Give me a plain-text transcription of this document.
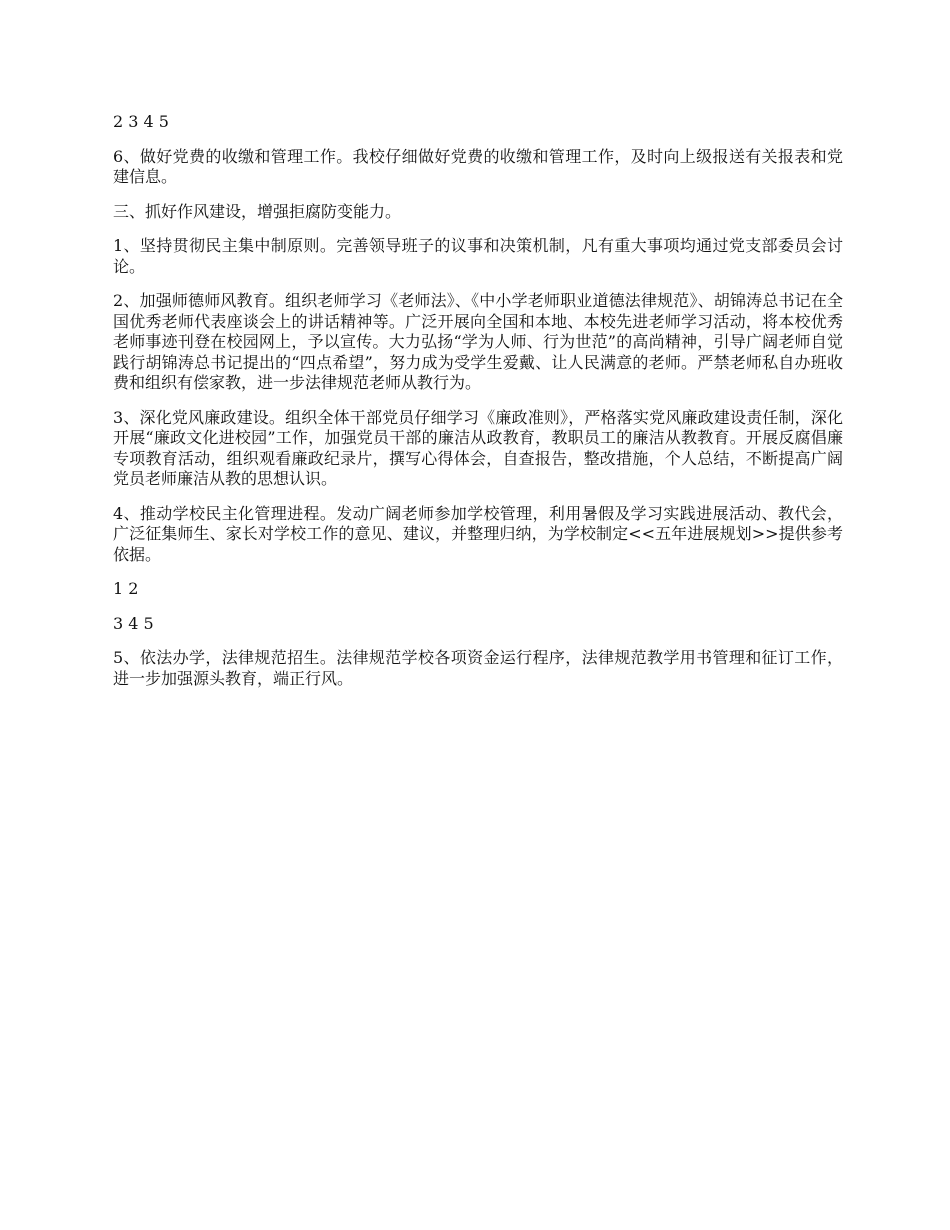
2 3 4 5

6、做好党费的收缴和管理工作。我校仔细做好党费的收缴和管理工作，及时向上级报送有关报表和党建信息。

三、抓好作风建设，增强拒腐防变能力。

1、坚持贯彻民主集中制原则。完善领导班子的议事和决策机制，凡有重大事项均通过党支部委员会讨论。

2、加强师德师风教育。组织老师学习《老师法》、《中小学老师职业道德法律规范》、胡锦涛总书记在全国优秀老师代表座谈会上的讲话精神等。广泛开展向全国和本地、本校先进老师学习活动，将本校优秀老师事迹刊登在校园网上，予以宣传。大力弘扬“学为人师、行为世范”的高尚精神，引导广阔老师自觉践行胡锦涛总书记提出的“四点希望”，努力成为受学生爱戴、让人民满意的老师。严禁老师私自办班收费和组织有偿家教，进一步法律规范老师从教行为。

3、深化党风廉政建设。组织全体干部党员仔细学习《廉政准则》，严格落实党风廉政建设责任制，深化开展“廉政文化进校园”工作，加强党员干部的廉洁从政教育，教职员工的廉洁从教教育。开展反腐倡廉专项教育活动，组织观看廉政纪录片，撰写心得体会，自查报告，整改措施，个人总结，不断提高广阔党员老师廉洁从教的思想认识。

4、推动学校民主化管理进程。发动广阔老师参加学校管理，利用暑假及学习实践进展活动、教代会，广泛征集师生、家长对学校工作的意见、建议，并整理归纳，为学校制定<<五年进展规划>>提供参考依据。

1 2

3 4 5

5、依法办学，法律规范招生。法律规范学校各项资金运行程序，法律规范教学用书管理和征订工作，进一步加强源头教育，端正行风。
